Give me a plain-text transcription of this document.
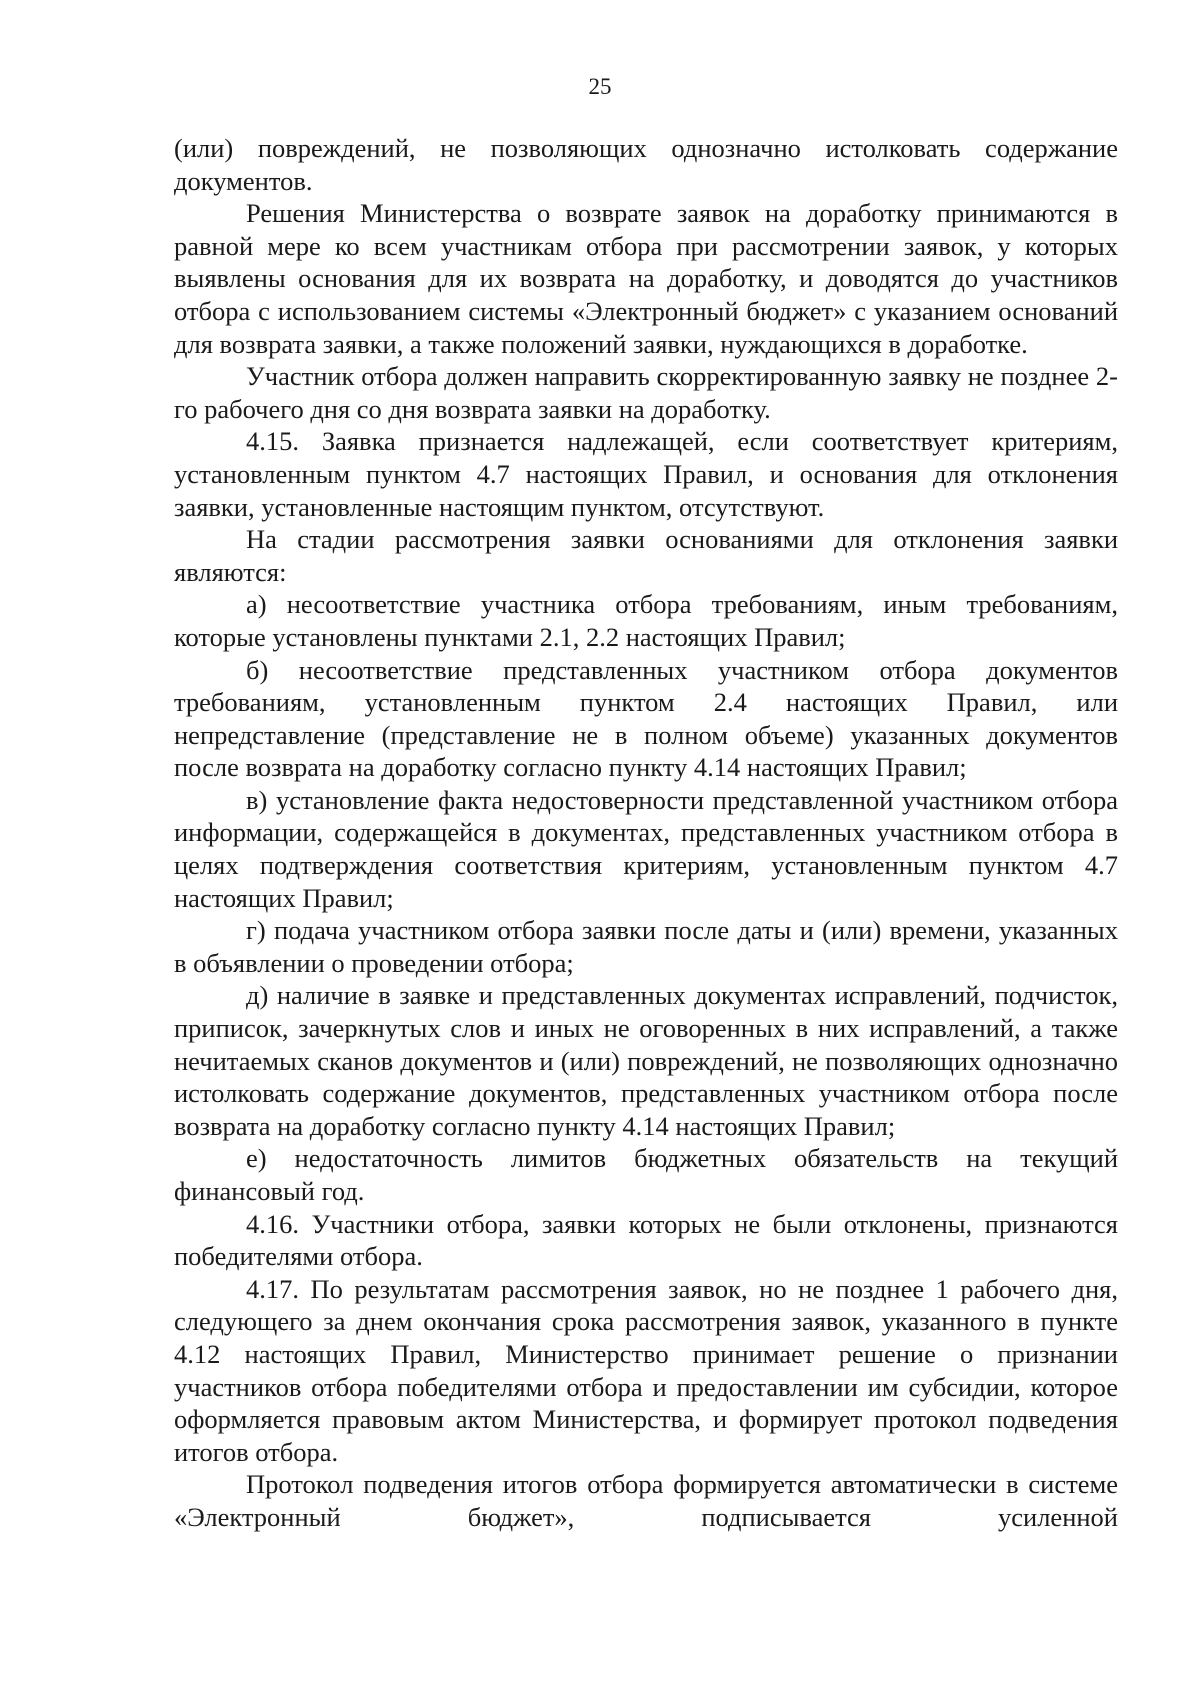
25

(или) повреждений, не позволяющих однозначно истолковать содержание документов.

Решения Министерства о возврате заявок на доработку принимаются в равной мере ко всем участникам отбора при рассмотрении заявок, у которых выявлены основания для их возврата на доработку, и доводятся до участников отбора с использованием системы «Электронный бюджет» с указанием оснований для возврата заявки, а также положений заявки, нуждающихся в доработке.

Участник отбора должен направить скорректированную заявку не позднее 2-го рабочего дня со дня возврата заявки на доработку.

4.15. Заявка признается надлежащей, если соответствует критериям, установленным пунктом 4.7 настоящих Правил, и основания для отклонения заявки, установленные настоящим пунктом, отсутствуют.

На стадии рассмотрения заявки основаниями для отклонения заявки являются:

а) несоответствие участника отбора требованиям, иным требованиям, которые установлены пунктами 2.1, 2.2 настоящих Правил;

б) несоответствие представленных участником отбора документов требованиям, установленным пунктом 2.4 настоящих Правил, или непредставление (представление не в полном объеме) указанных документов после возврата на доработку согласно пункту 4.14 настоящих Правил;

в) установление факта недостоверности представленной участником отбора информации, содержащейся в документах, представленных участником отбора в целях подтверждения соответствия критериям, установленным пунктом 4.7 настоящих Правил;

г) подача участником отбора заявки после даты и (или) времени, указанных в объявлении о проведении отбора;

д) наличие в заявке и представленных документах исправлений, подчисток, приписок, зачеркнутых слов и иных не оговоренных в них исправлений, а также нечитаемых сканов документов и (или) повреждений, не позволяющих однозначно истолковать содержание документов, представленных участником отбора после возврата на доработку согласно пункту 4.14 настоящих Правил;

е) недостаточность лимитов бюджетных обязательств на текущий финансовый год.

4.16. Участники отбора, заявки которых не были отклонены, признаются победителями отбора.

4.17. По результатам рассмотрения заявок, но не позднее 1 рабочего дня, следующего за днем окончания срока рассмотрения заявок, указанного в пункте 4.12 настоящих Правил, Министерство принимает решение о признании участников отбора победителями отбора и предоставлении им субсидии, которое оформляется правовым актом Министерства, и формирует протокол подведения итогов отбора.

Протокол подведения итогов отбора формируется автоматически в системе «Электронный бюджет», подписывается усиленной
